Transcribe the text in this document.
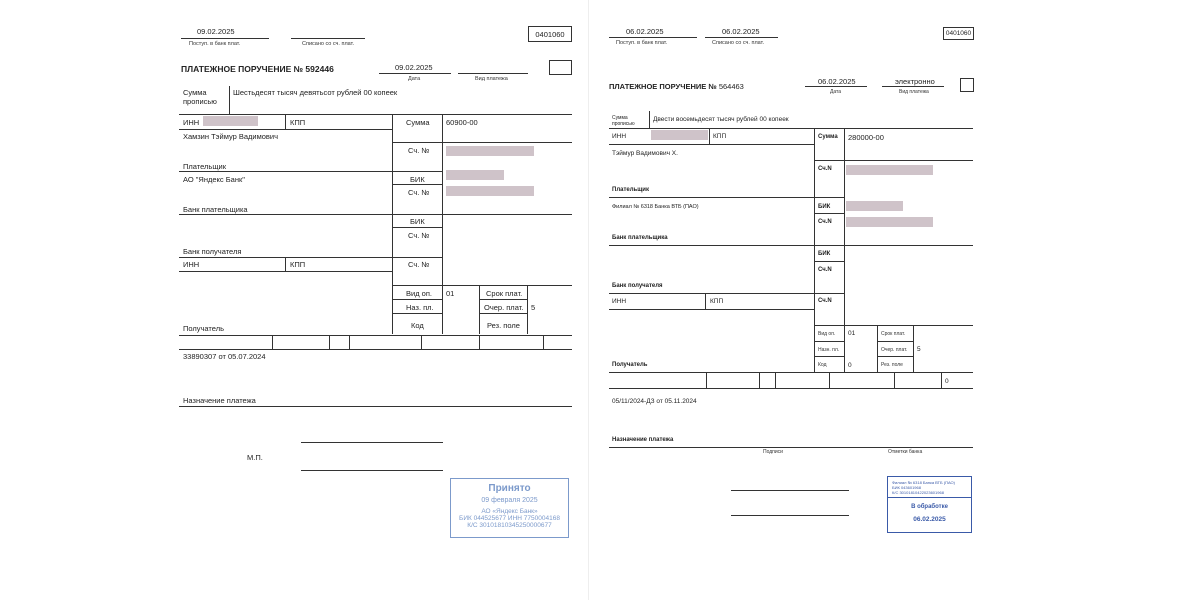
09.02.2025
Поступ. в банк плат.	Списано со сч. плат.
0401060
ПЛАТЕЖНОЕ ПОРУЧЕНИЕ № 592446	09.02.2025
Дата	Вид платежа
Сумма
прописью
Шестьдесят тысяч девятьсот рублей 00 копеек
ИНН	КПП	Сумма 60900-00
Хамзин Тэймур Вадимович
Сч. №
Плательщик
АО "Яндекс Банк"	БИК
Сч. №
Банк плательщика
БИК
Сч. №
Банк получателя
ИНН	КПП	Сч. №
Вид оп. 01	Срок плат.
Наз. пл.	Очер. плат. 5
Код	Рез. поле
Получатель
33890307 от 05.07.2024
Назначение платежа
М.П.
Принято
09 февраля 2025
АО «Яндекс Банк»
БИК 044525677 ИНН 7750004168
К/С 30101810345250000677
06.02.2025
Поступ. в банк плат.
06.02.2025
Списано со сч. плат.
0401060
ПЛАТЕЖНОЕ ПОРУЧЕНИЕ № 564463
06.02.2025
Дата
электронно
Вид платежа
Сумма
прописью
Двести восемьдесят тысяч рублей 00 копеек
ИНН	КПП	Сумма 280000-00
Тэймур Вадимович Х.
Сч.N
Плательщик
Филиал № 6318 Банка ВТБ (ПАО)	БИК
Сч.N
Банк плательщика
БИК
Сч.N
Банк получателя
ИНН	КПП	Сч.N
Вид оп. 01	Срок плат.
Назн. пл.	Очер. плат. 5
Код	0	Рез. поле
Получатель
0
05/11/2024-ДЗ от 05.11.2024
Назначение платежа
Подписи	Отметки банка
Филиал № 6318 Банка ВТБ (ПАО)
БИК 043601968
К/С 30101810422023601968
В обработке
06.02.2025
